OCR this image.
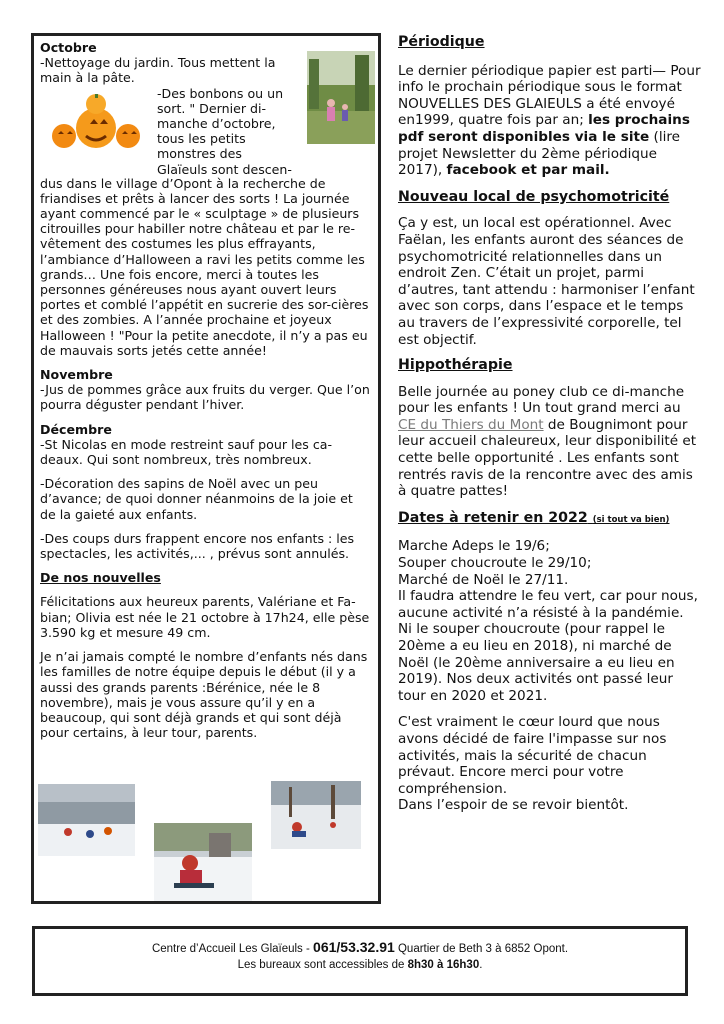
Octobre

-Nettoyage du jardin. Tous mettent la

main à la pâte.

-Des bonbons ou un

sort. " Dernier di-

manche d’octobre,

tous les petits

monstres des

Glaïeuls sont descen-

dus dans le village d’Opont à la recherche de friandises et prêts à lancer des sorts ! La journée ayant commencé par le « sculptage » de plusieurs citrouilles pour habiller notre château et par le re-vêtement des costumes les plus effrayants, l’ambiance d’Halloween a ravi les petits comme les grands… Une fois encore, merci à toutes les personnes généreuses nous ayant ouvert leurs portes et comblé l’appétit en sucrerie des sor-cières et des zombies. A l’année prochaine et joyeux Halloween ! "Pour la petite anecdote, il n’y a pas eu de mauvais sorts jetés cette année!

Novembre

-Jus de pommes grâce aux fruits du verger. Que l’on pourra déguster pendant l’hiver.

Décembre

-St Nicolas en mode restreint sauf pour les ca-deaux. Qui sont nombreux, très nombreux.

-Décoration des sapins de Noël avec un peu d’avance; de quoi donner néanmoins de la joie et de la gaieté aux enfants.

-Des coups durs frappent encore nos enfants : les spectacles, les activités,... , prévus sont annulés.

De nos nouvelles

Félicitations aux heureux parents, Valériane et Fa-bian; Olivia est née le 21 octobre à 17h24, elle pèse 3.590 kg et mesure 49 cm.

Je n’ai jamais compté le nombre d’enfants nés dans les familles de notre équipe depuis le début (il y a aussi des grands parents :Bérénice, née le 8 novembre), mais je vous assure qu’il y en a beaucoup, qui sont déjà grands et qui sont déjà pour certains, à leur tour, parents.

Périodique

Le dernier périodique papier est parti— Pour info le prochain périodique sous le format NOUVELLES DES GLAIEULS a été envoyé en1999, quatre fois par an; les prochains pdf seront disponibles via le site (lire projet Newsletter du 2ème périodique 2017), facebook et par mail.

Nouveau local de psychomotricité

Ça y est, un local est opérationnel. Avec Faëlan, les enfants auront des séances de psychomotricité relationnelles dans un endroit Zen. C’était un projet, parmi d’autres, tant attendu : harmoniser l’enfant avec son corps, dans l’espace et le temps au travers de l’expressivité corporelle, tel est objectif.

Hippothérapie

Belle journée au poney club ce di-manche pour les enfants ! Un tout grand merci au CE du Thiers du Mont de Bougnimont pour leur accueil chaleureux, leur disponibilité et cette belle opportunité . Les enfants sont rentrés ravis de la rencontre avec des amis à quatre pattes!

Dates à retenir en 2022 (si tout va bien)

Marche Adeps le 19/6;

Souper choucroute le 29/10;

Marché de Noël le 27/11.

Il faudra attendre le feu vert, car pour nous, aucune activité n’a résisté à la pandémie. Ni le souper choucroute (pour rappel le 20ème a eu lieu en 2018), ni marché de Noël (le 20ème anniversaire a eu lieu en 2019). Nos deux activités ont passé leur tour en 2020 et 2021.

C'est vraiment le cœur lourd que nous avons décidé de faire l'impasse sur nos activités, mais la sécurité de chacun prévaut. Encore merci pour votre compréhension.

Dans l’espoir de se revoir bientôt.

Centre d’Accueil Les Glaïeuls - 061/53.32.91 Quartier de Beth 3 à 6852 Opont.
Les bureaux sont accessibles de 8h30 à 16h30.
